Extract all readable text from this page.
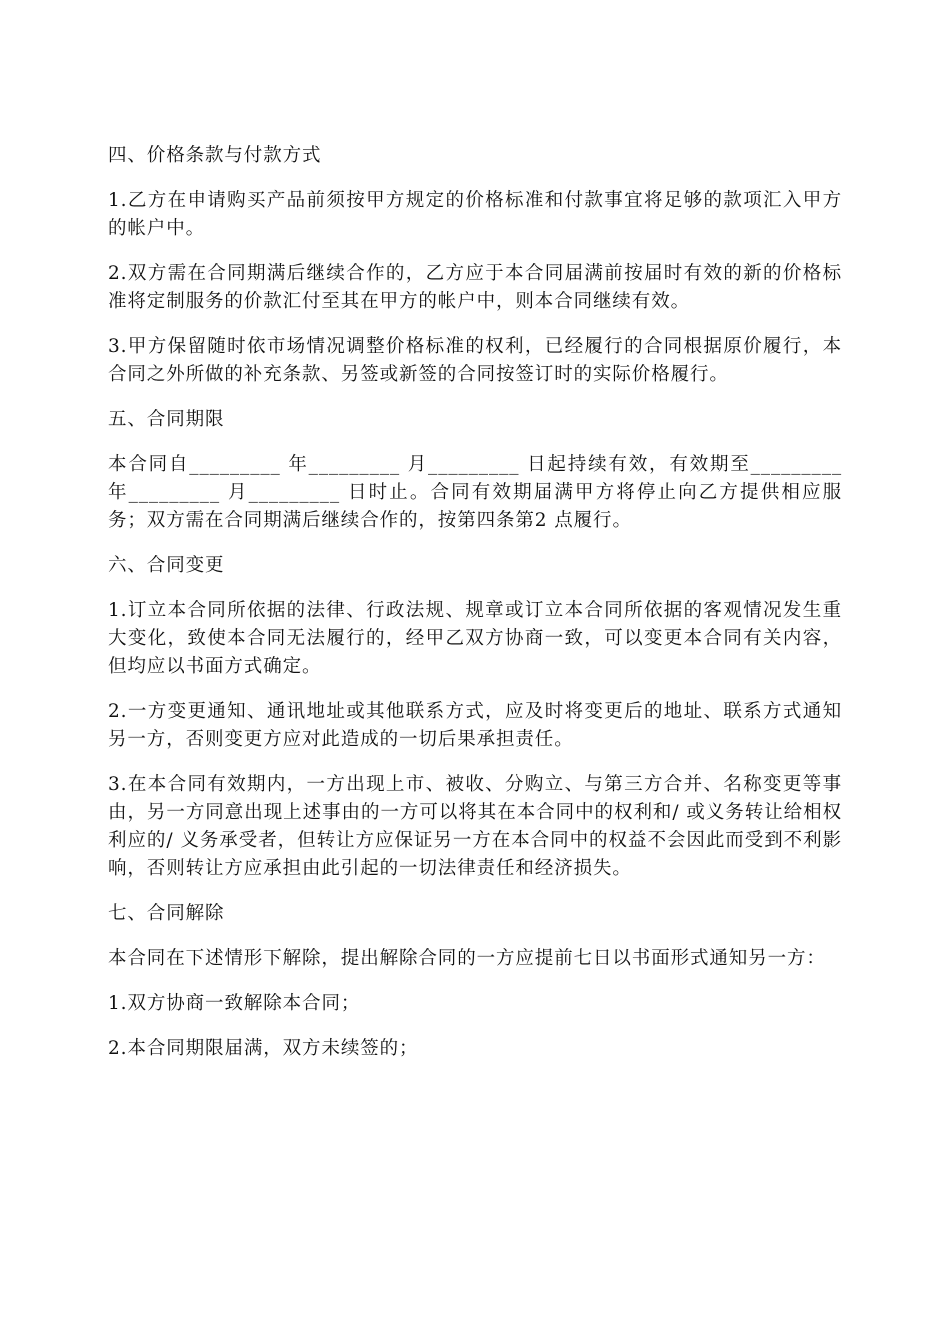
四、价格条款与付款方式

1.乙方在申请购买产品前须按甲方规定的价格标准和付款事宜将足够的款项汇入甲方的帐户中。

2.双方需在合同期满后继续合作的，乙方应于本合同届满前按届时有效的新的价格标准将定制服务的价款汇付至其在甲方的帐户中，则本合同继续有效。

3.甲方保留随时依市场情况调整价格标准的权利，已经履行的合同根据原价履行，本合同之外所做的补充条款、另签或新签的合同按签订时的实际价格履行。

五、合同期限

本合同自_________ 年_________ 月_________ 日起持续有效，有效期至_________ 年_________ 月_________ 日时止。合同有效期届满甲方将停止向乙方提供相应服务；双方需在合同期满后继续合作的，按第四条第2 点履行。

六、合同变更

1.订立本合同所依据的法律、行政法规、规章或订立本合同所依据的客观情况发生重大变化，致使本合同无法履行的，经甲乙双方协商一致，可以变更本合同有关内容，但均应以书面方式确定。

2.一方变更通知、通讯地址或其他联系方式，应及时将变更后的地址、联系方式通知另一方，否则变更方应对此造成的一切后果承担责任。

3.在本合同有效期内，一方出现上市、被收、分购立、与第三方合并、名称变更等事由，另一方同意出现上述事由的一方可以将其在本合同中的权利和/ 或义务转让给相权利应的/ 义务承受者，但转让方应保证另一方在本合同中的权益不会因此而受到不利影响，否则转让方应承担由此引起的一切法律责任和经济损失。

七、合同解除

本合同在下述情形下解除，提出解除合同的一方应提前七日以书面形式通知另一方：

1.双方协商一致解除本合同；

2.本合同期限届满，双方未续签的；
